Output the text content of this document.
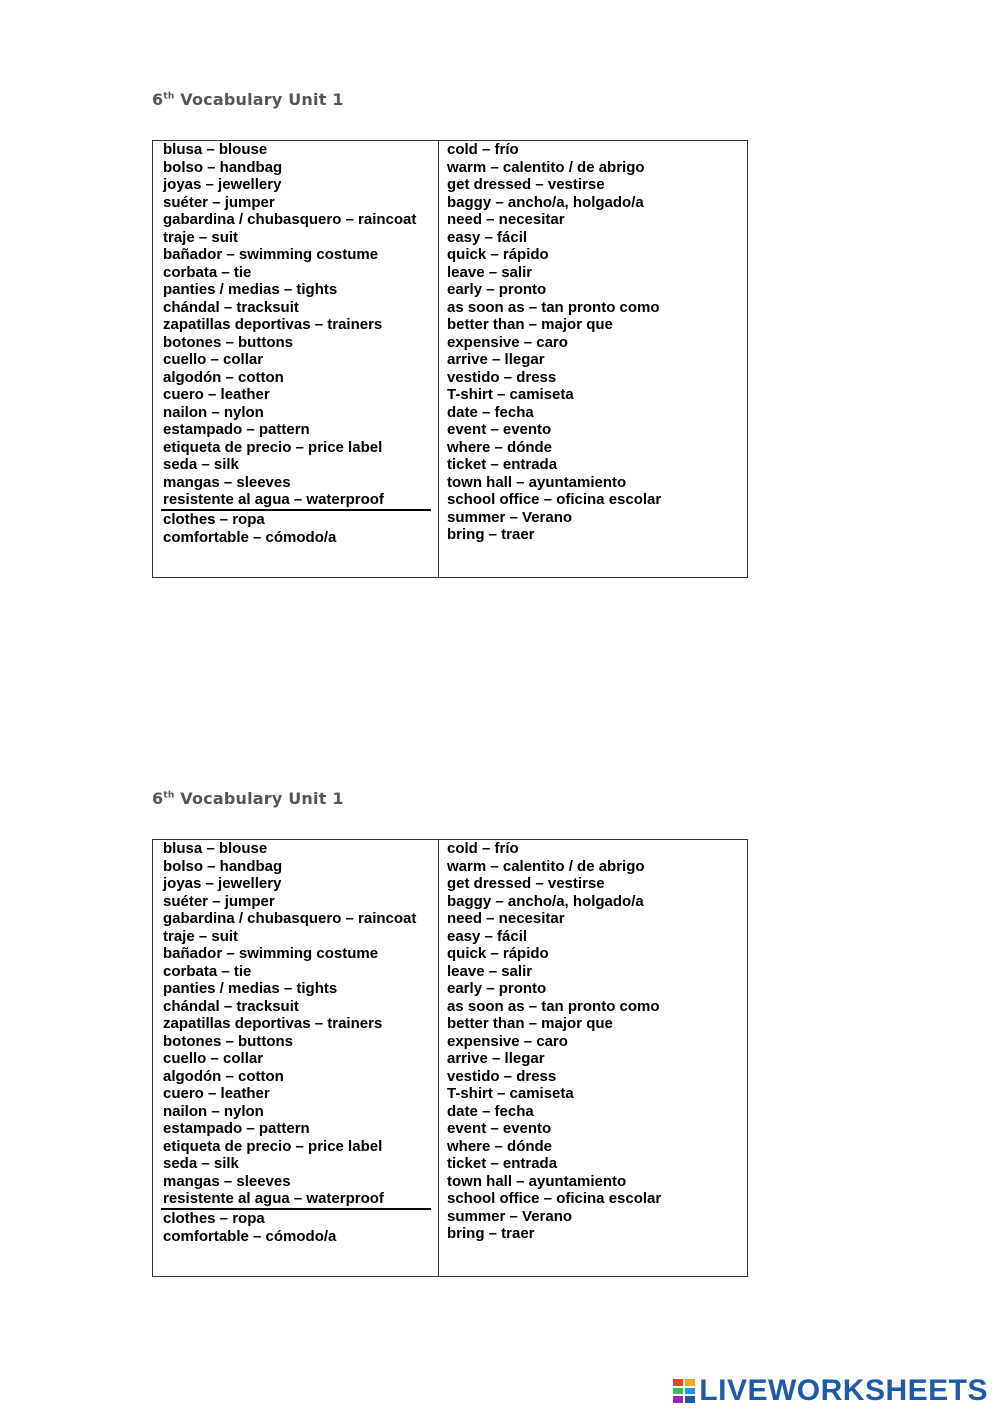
6th Vocabulary Unit 1
blusa – blouse
bolso – handbag
joyas – jewellery
suéter – jumper
gabardina / chubasquero – raincoat
traje – suit
bañador – swimming costume
corbata – tie
panties / medias – tights
chándal – tracksuit
zapatillas deportivas – trainers
botones – buttons
cuello – collar
algodón – cotton
cuero – leather
nailon – nylon
estampado – pattern
etiqueta de precio – price label
seda – silk
mangas – sleeves
resistente al agua – waterproof
clothes – ropa
comfortable – cómodo/a
cold – frío
warm – calentito / de abrigo
get dressed – vestirse
baggy – ancho/a, holgado/a
need – necesitar
easy – fácil
quick – rápido
leave – salir
early – pronto
as soon as – tan pronto como
better than – major que
expensive – caro
arrive – llegar
vestido – dress
T-shirt – camiseta
date – fecha
event – evento
where – dónde
ticket – entrada
town hall – ayuntamiento
school office – oficina escolar
summer – Verano
bring – traer
6th Vocabulary Unit 1
blusa – blouse
bolso – handbag
joyas – jewellery
suéter – jumper
gabardina / chubasquero – raincoat
traje – suit
bañador – swimming costume
corbata – tie
panties / medias – tights
chándal – tracksuit
zapatillas deportivas – trainers
botones – buttons
cuello – collar
algodón – cotton
cuero – leather
nailon – nylon
estampado – pattern
etiqueta de precio – price label
seda – silk
mangas – sleeves
resistente al agua – waterproof
clothes – ropa
comfortable – cómodo/a
cold – frío
warm – calentito / de abrigo
get dressed – vestirse
baggy – ancho/a, holgado/a
need – necesitar
easy – fácil
quick – rápido
leave – salir
early – pronto
as soon as – tan pronto como
better than – major que
expensive – caro
arrive – llegar
vestido – dress
T-shirt – camiseta
date – fecha
event – evento
where – dónde
ticket – entrada
town hall – ayuntamiento
school office – oficina escolar
summer – Verano
bring – traer
LIVEWORKSHEETS
